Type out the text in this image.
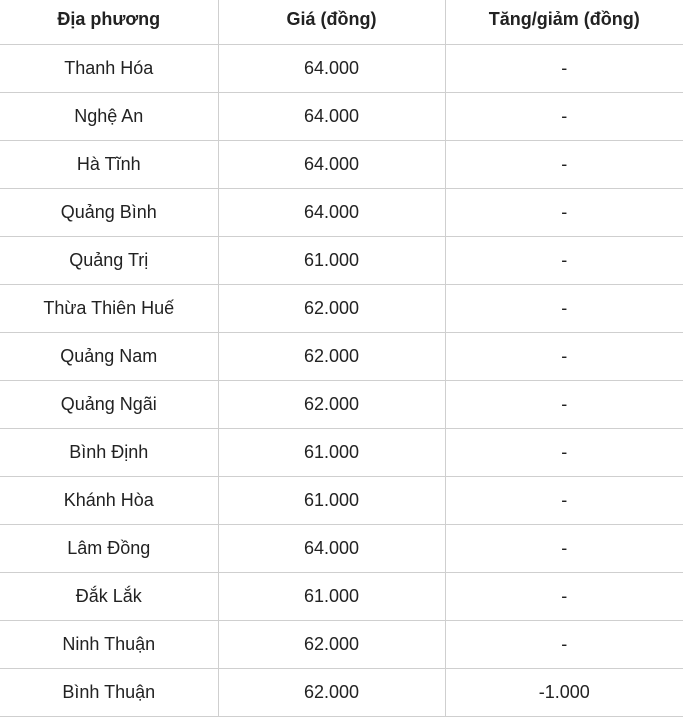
Địa phương	Giá (đồng)	Tăng/giảm (đồng)
Thanh Hóa	64.000	-
Nghệ An	64.000	-
Hà Tĩnh	64.000	-
Quảng Bình	64.000	-
Quảng Trị	61.000	-
Thừa Thiên Huế	62.000	-
Quảng Nam	62.000	-
Quảng Ngãi	62.000	-
Bình Định	61.000	-
Khánh Hòa	61.000	-
Lâm Đồng	64.000	-
Đắk Lắk	61.000	-
Ninh Thuận	62.000	-
Bình Thuận	62.000	-1.000
